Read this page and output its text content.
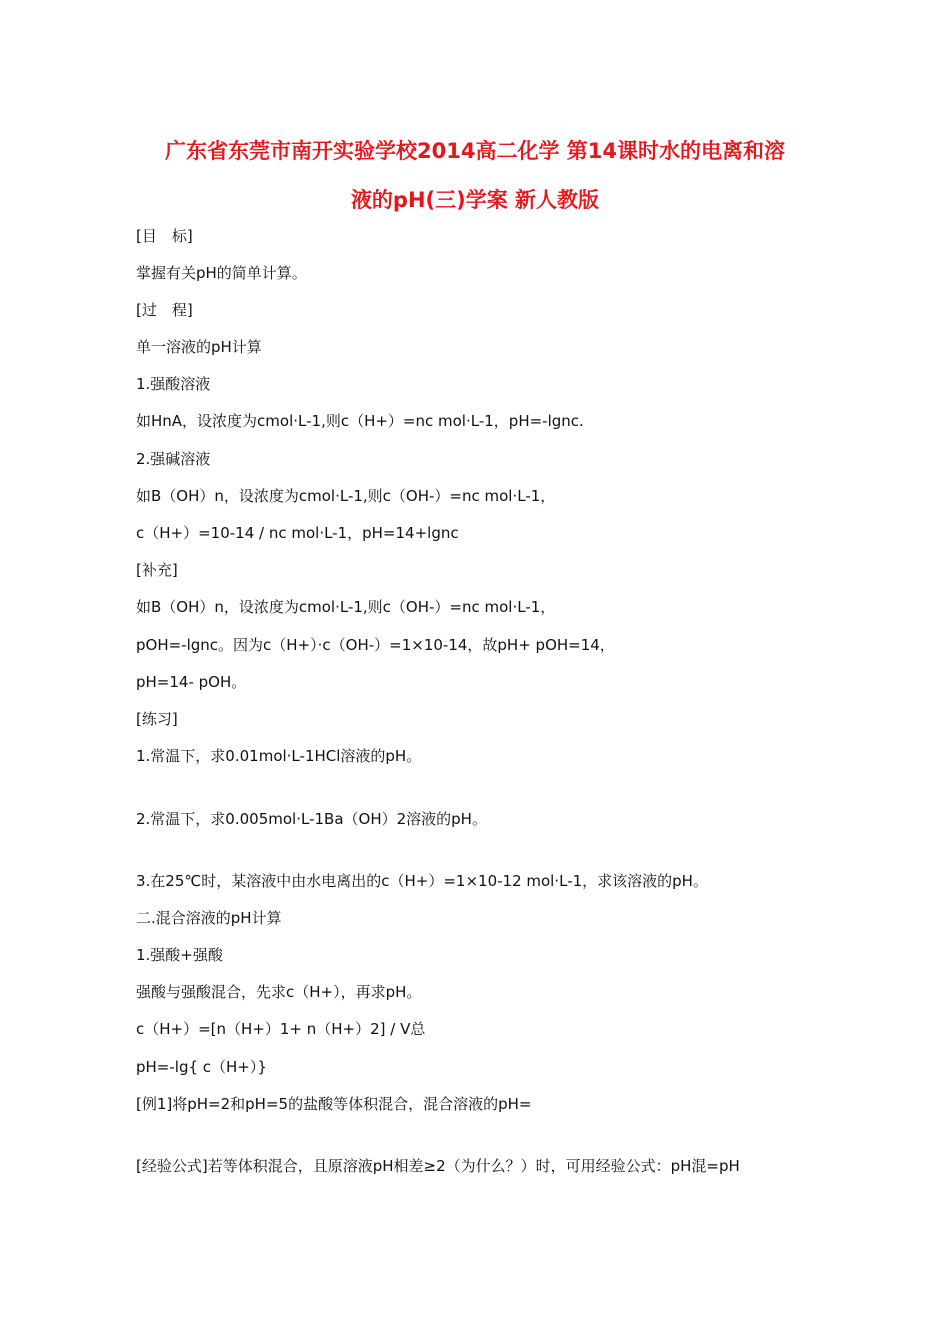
广东省东莞市南开实验学校2014高二化学 第14课时水的电离和溶
液的pH(三)学案 新人教版
[目　标]
掌握有关pH的简单计算。
[过　程]
单一溶液的pH计算
1.强酸溶液
如HnA，设浓度为cmol·L-1,则c（H+）=nc mol·L-1，pH=-lgnc.
2.强碱溶液
如B（OH）n，设浓度为cmol·L-1,则c（OH-）=nc mol·L-1，
c（H+）=10-14 / nc mol·L-1，pH=14+lgnc
[补充]
如B（OH）n，设浓度为cmol·L-1,则c（OH-）=nc mol·L-1，
pOH=-lgnc。因为c（H+）·c（OH-）=1×10-14，故pH+ pOH=14，
pH=14- pOH。
[练习]
1.常温下，求0.01mol·L-1HCl溶液的pH。
2.常温下，求0.005mol·L-1Ba（OH）2溶液的pH。
3.在25℃时，某溶液中由水电离出的c（H+）=1×10-12 mol·L-1，求该溶液的pH。
二.混合溶液的pH计算
1.强酸+强酸
强酸与强酸混合，先求c（H+），再求pH。
c（H+）=[n（H+）1+ n（H+）2] / V总
pH=-lg{ c（H+）}
[例1]将pH=2和pH=5的盐酸等体积混合，混合溶液的pH=
[经验公式]若等体积混合，且原溶液pH相差≥2（为什么？）时，可用经验公式：pH混=pH
